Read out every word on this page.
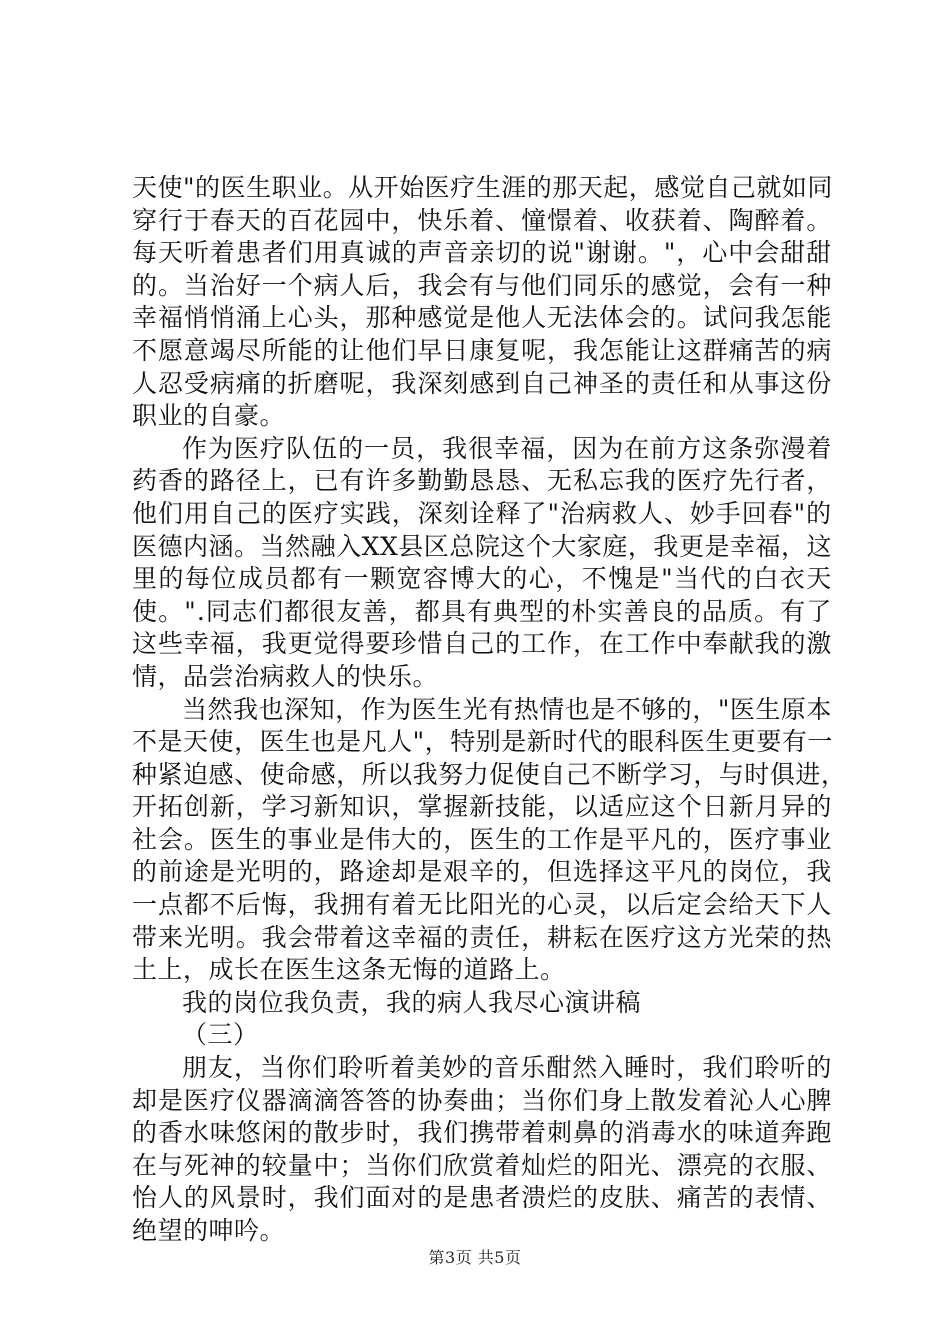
天 使 " 的 医 生 职 业 。 从 开 始 医 疗 生 涯 的 那 天 起 ， 感 觉 自 己 就 如 同
穿 行 于 春 天 的 百 花 园 中 ， 快 乐 着 、 憧 憬 着 、 收 获 着 、 陶 醉 着 。
每 天 听 着 患 者 们 用 真 诚 的 声 音 亲 切 的 说 " 谢 谢 。 " ， 心 中 会 甜 甜
的 。 当 治 好 一 个 病 人 后 ， 我 会 有 与 他 们 同 乐 的 感 觉 ， 会 有 一 种
幸 福 悄 悄 涌 上 心 头 ， 那 种 感 觉 是 他 人 无 法 体 会 的 。 试 问 我 怎 能
不 愿 意 竭 尽 所 能 的 让 他 们 早 日 康 复 呢 ， 我 怎 能 让 这 群 痛 苦 的 病
人 忍 受 病 痛 的 折 磨 呢 ， 我 深 刻 感 到 自 己 神 圣 的 责 任 和 从 事 这 份
职业的自豪。
作 为 医 疗 队 伍 的 一 员 ， 我 很 幸 福 ， 因 为 在 前 方 这 条 弥 漫 着
药 香 的 路 径 上 ， 已 有 许 多 勤 勤 恳 恳 、 无 私 忘 我 的 医 疗 先 行 者 ，
他 们 用 自 己 的 医 疗 实 践 ， 深 刻 诠 释 了 " 治 病 救 人 、 妙 手 回 春 " 的
医 德 内 涵 。 当 然 融 入 X X 县 区 总 院 这 个 大 家 庭 ， 我 更 是 幸 福 ， 这
里 的 每 位 成 员 都 有 一 颗 宽 容 博 大 的 心 ， 不 愧 是 " 当 代 的 白 衣 天
使 。 " . 同 志 们 都 很 友 善 ， 都 具 有 典 型 的 朴 实 善 良 的 品 质 。 有 了
这 些 幸 福 ， 我 更 觉 得 要 珍 惜 自 己 的 工 作 ， 在 工 作 中 奉 献 我 的 激
情，品尝治病救人的快乐。
当 然 我 也 深 知 ， 作 为 医 生 光 有 热 情 也 是 不 够 的 ， " 医 生 原 本
不 是 天 使 ， 医 生 也 是 凡 人 " ， 特 别 是 新 时 代 的 眼 科 医 生 更 要 有 一
种 紧 迫 感 、 使 命 感 ， 所 以 我 努 力 促 使 自 己 不 断 学 习 ， 与 时 俱 进 ，
开 拓 创 新 ， 学 习 新 知 识 ， 掌 握 新 技 能 ， 以 适 应 这 个 日 新 月 异 的
社 会 。 医 生 的 事 业 是 伟 大 的 ， 医 生 的 工 作 是 平 凡 的 ， 医 疗 事 业
的 前 途 是 光 明 的 ， 路 途 却 是 艰 辛 的 ， 但 选 择 这 平 凡 的 岗 位 ， 我
一 点 都 不 后 悔 ， 我 拥 有 着 无 比 阳 光 的 心 灵 ， 以 后 定 会 给 天 下 人
带 来 光 明 。 我 会 带 着 这 幸 福 的 责 任 ， 耕 耘 在 医 疗 这 方 光 荣 的 热
土上，成长在医生这条无悔的道路上。
我的岗位我负责，我的病人我尽心演讲稿
（三）
朋 友 ， 当 你 们 聆 听 着 美 妙 的 音 乐 酣 然 入 睡 时 ， 我 们 聆 听 的
却 是 医 疗 仪 器 滴 滴 答 答 的 协 奏 曲 ； 当 你 们 身 上 散 发 着 沁 人 心 脾
的 香 水 味 悠 闲 的 散 步 时 ， 我 们 携 带 着 刺 鼻 的 消 毒 水 的 味 道 奔 跑
在 与 死 神 的 较 量 中 ； 当 你 们 欣 赏 着 灿 烂 的 阳 光 、 漂 亮 的 衣 服 、
怡 人 的 风 景 时 ， 我 们 面 对 的 是 患 者 溃 烂 的 皮 肤 、 痛 苦 的 表 情 、
绝望的呻吟。
第3页 共5页
